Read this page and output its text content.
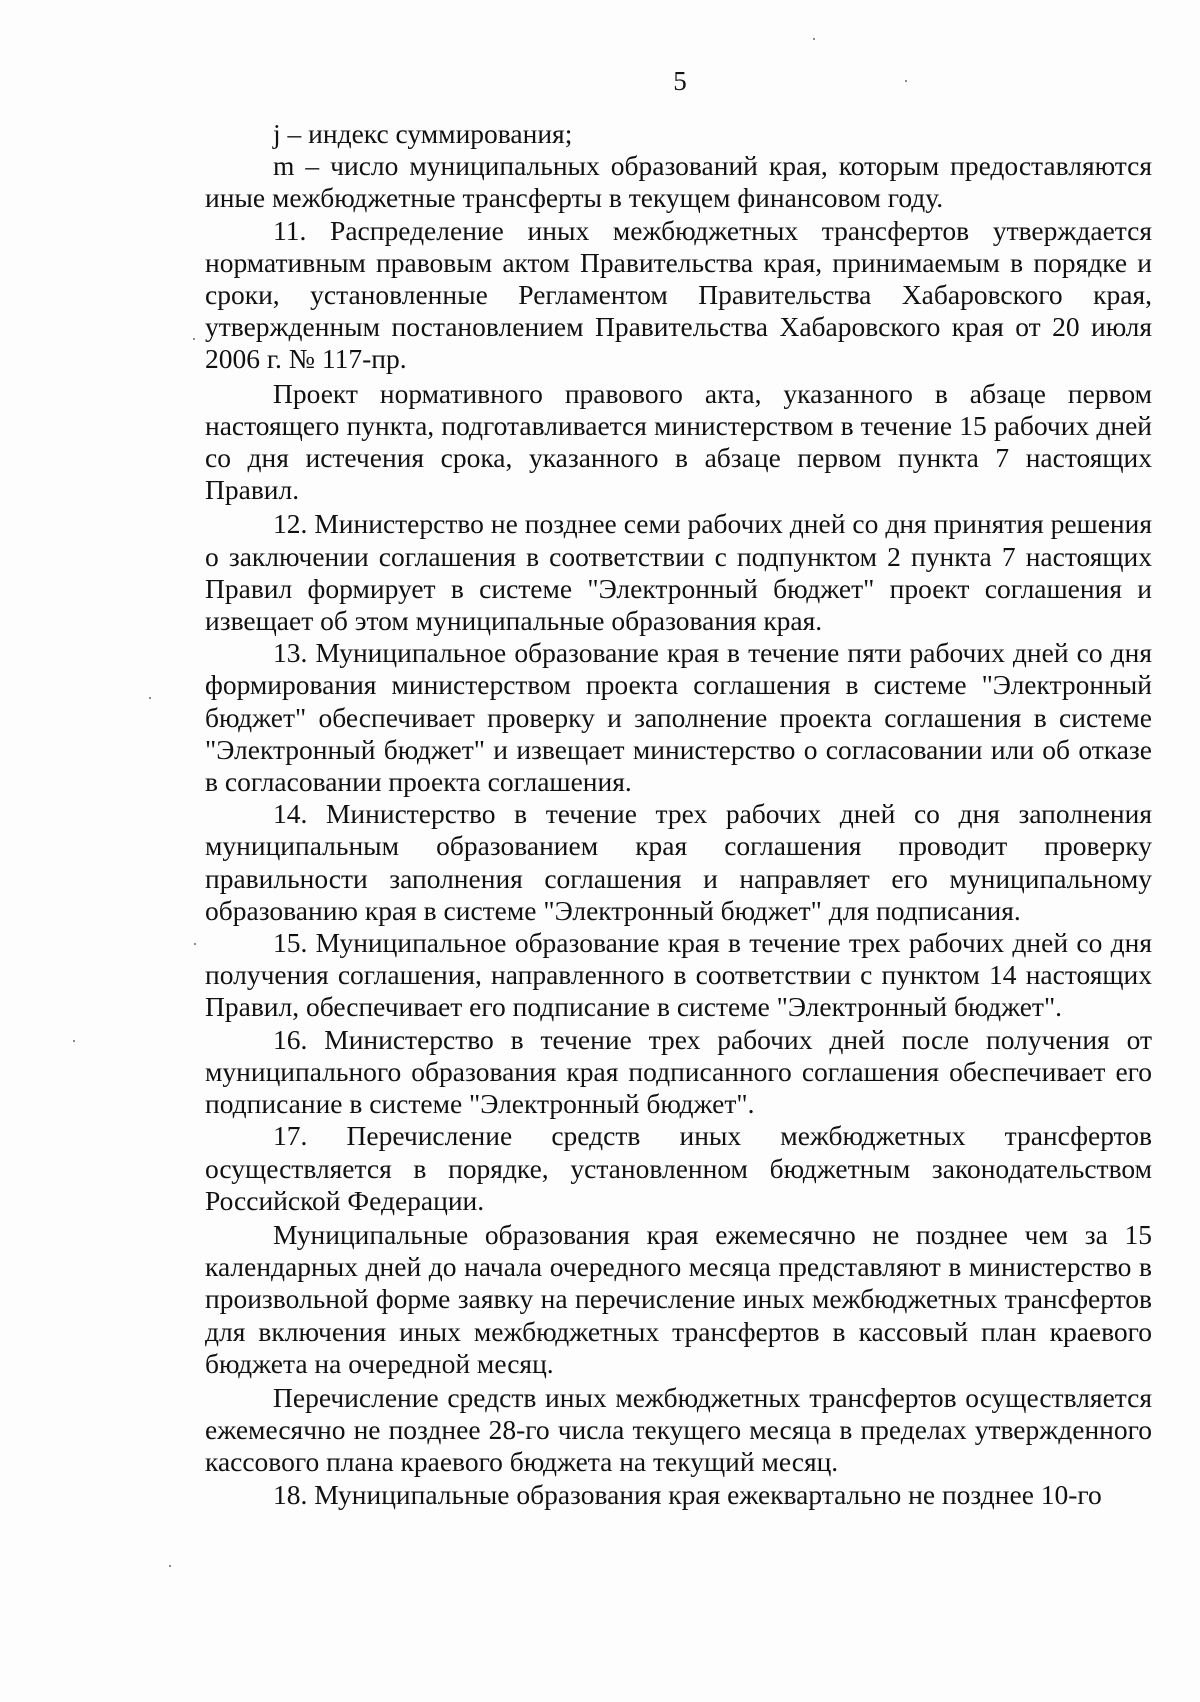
5

j – индекс суммирования;

m – число муниципальных образований края, которым предоставляются иные межбюджетные трансферты в текущем финансовом году.

11. Распределение иных межбюджетных трансфертов утверждается нормативным правовым актом Правительства края, принимаемым в порядке и сроки, установленные Регламентом Правительства Хабаровского края, утвержденным постановлением Правительства Хабаровского края от 20 июля 2006 г. № 117-пр.

Проект нормативного правового акта, указанного в абзаце первом настоящего пункта, подготавливается министерством в течение 15 рабочих дней со дня истечения срока, указанного в абзаце первом пункта 7 настоящих Правил.

12. Министерство не позднее семи рабочих дней со дня принятия решения о заключении соглашения в соответствии с подпунктом 2 пункта 7 настоящих Правил формирует в системе "Электронный бюджет" проект соглашения и извещает об этом муниципальные образования края.

13. Муниципальное образование края в течение пяти рабочих дней со дня формирования министерством проекта соглашения в системе "Электронный бюджет" обеспечивает проверку и заполнение проекта соглашения в системе "Электронный бюджет" и извещает министерство о согласовании или об отказе в согласовании проекта соглашения.

14. Министерство в течение трех рабочих дней со дня заполнения муниципальным образованием края соглашения проводит проверку правильности заполнения соглашения и направляет его муниципальному образованию края в системе "Электронный бюджет" для подписания.

15. Муниципальное образование края в течение трех рабочих дней со дня получения соглашения, направленного в соответствии с пунктом 14 настоящих Правил, обеспечивает его подписание в системе "Электронный бюджет".

16. Министерство в течение трех рабочих дней после получения от муниципального образования края подписанного соглашения обеспечивает его подписание в системе "Электронный бюджет".

17. Перечисление средств иных межбюджетных трансфертов осуществляется в порядке, установленном бюджетным законодательством Российской Федерации.

Муниципальные образования края ежемесячно не позднее чем за 15 календарных дней до начала очередного месяца представляют в министерство в произвольной форме заявку на перечисление иных межбюджетных трансфертов для включения иных межбюджетных трансфертов в кассовый план краевого бюджета на очередной месяц.

Перечисление средств иных межбюджетных трансфертов осуществляется ежемесячно не позднее 28-го числа текущего месяца в пределах утвержденного кассового плана краевого бюджета на текущий месяц.

18. Муниципальные образования края ежеквартально не позднее 10-го
